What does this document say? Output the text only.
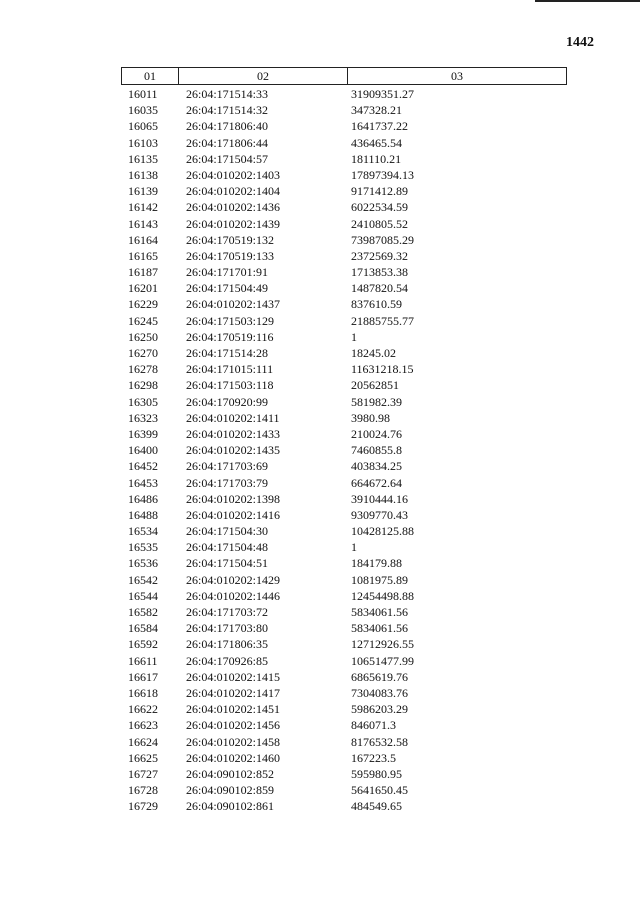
1442
01	02	03
16011	26:04:171514:33	31909351.27
16035	26:04:171514:32	347328.21
16065	26:04:171806:40	1641737.22
16103	26:04:171806:44	436465.54
16135	26:04:171504:57	181110.21
16138	26:04:010202:1403	17897394.13
16139	26:04:010202:1404	9171412.89
16142	26:04:010202:1436	6022534.59
16143	26:04:010202:1439	2410805.52
16164	26:04:170519:132	73987085.29
16165	26:04:170519:133	2372569.32
16187	26:04:171701:91	1713853.38
16201	26:04:171504:49	1487820.54
16229	26:04:010202:1437	837610.59
16245	26:04:171503:129	21885755.77
16250	26:04:170519:116	1
16270	26:04:171514:28	18245.02
16278	26:04:171015:111	11631218.15
16298	26:04:171503:118	20562851
16305	26:04:170920:99	581982.39
16323	26:04:010202:1411	3980.98
16399	26:04:010202:1433	210024.76
16400	26:04:010202:1435	7460855.8
16452	26:04:171703:69	403834.25
16453	26:04:171703:79	664672.64
16486	26:04:010202:1398	3910444.16
16488	26:04:010202:1416	9309770.43
16534	26:04:171504:30	10428125.88
16535	26:04:171504:48	1
16536	26:04:171504:51	184179.88
16542	26:04:010202:1429	1081975.89
16544	26:04:010202:1446	12454498.88
16582	26:04:171703:72	5834061.56
16584	26:04:171703:80	5834061.56
16592	26:04:171806:35	12712926.55
16611	26:04:170926:85	10651477.99
16617	26:04:010202:1415	6865619.76
16618	26:04:010202:1417	7304083.76
16622	26:04:010202:1451	5986203.29
16623	26:04:010202:1456	846071.3
16624	26:04:010202:1458	8176532.58
16625	26:04:010202:1460	167223.5
16727	26:04:090102:852	595980.95
16728	26:04:090102:859	5641650.45
16729	26:04:090102:861	484549.65
